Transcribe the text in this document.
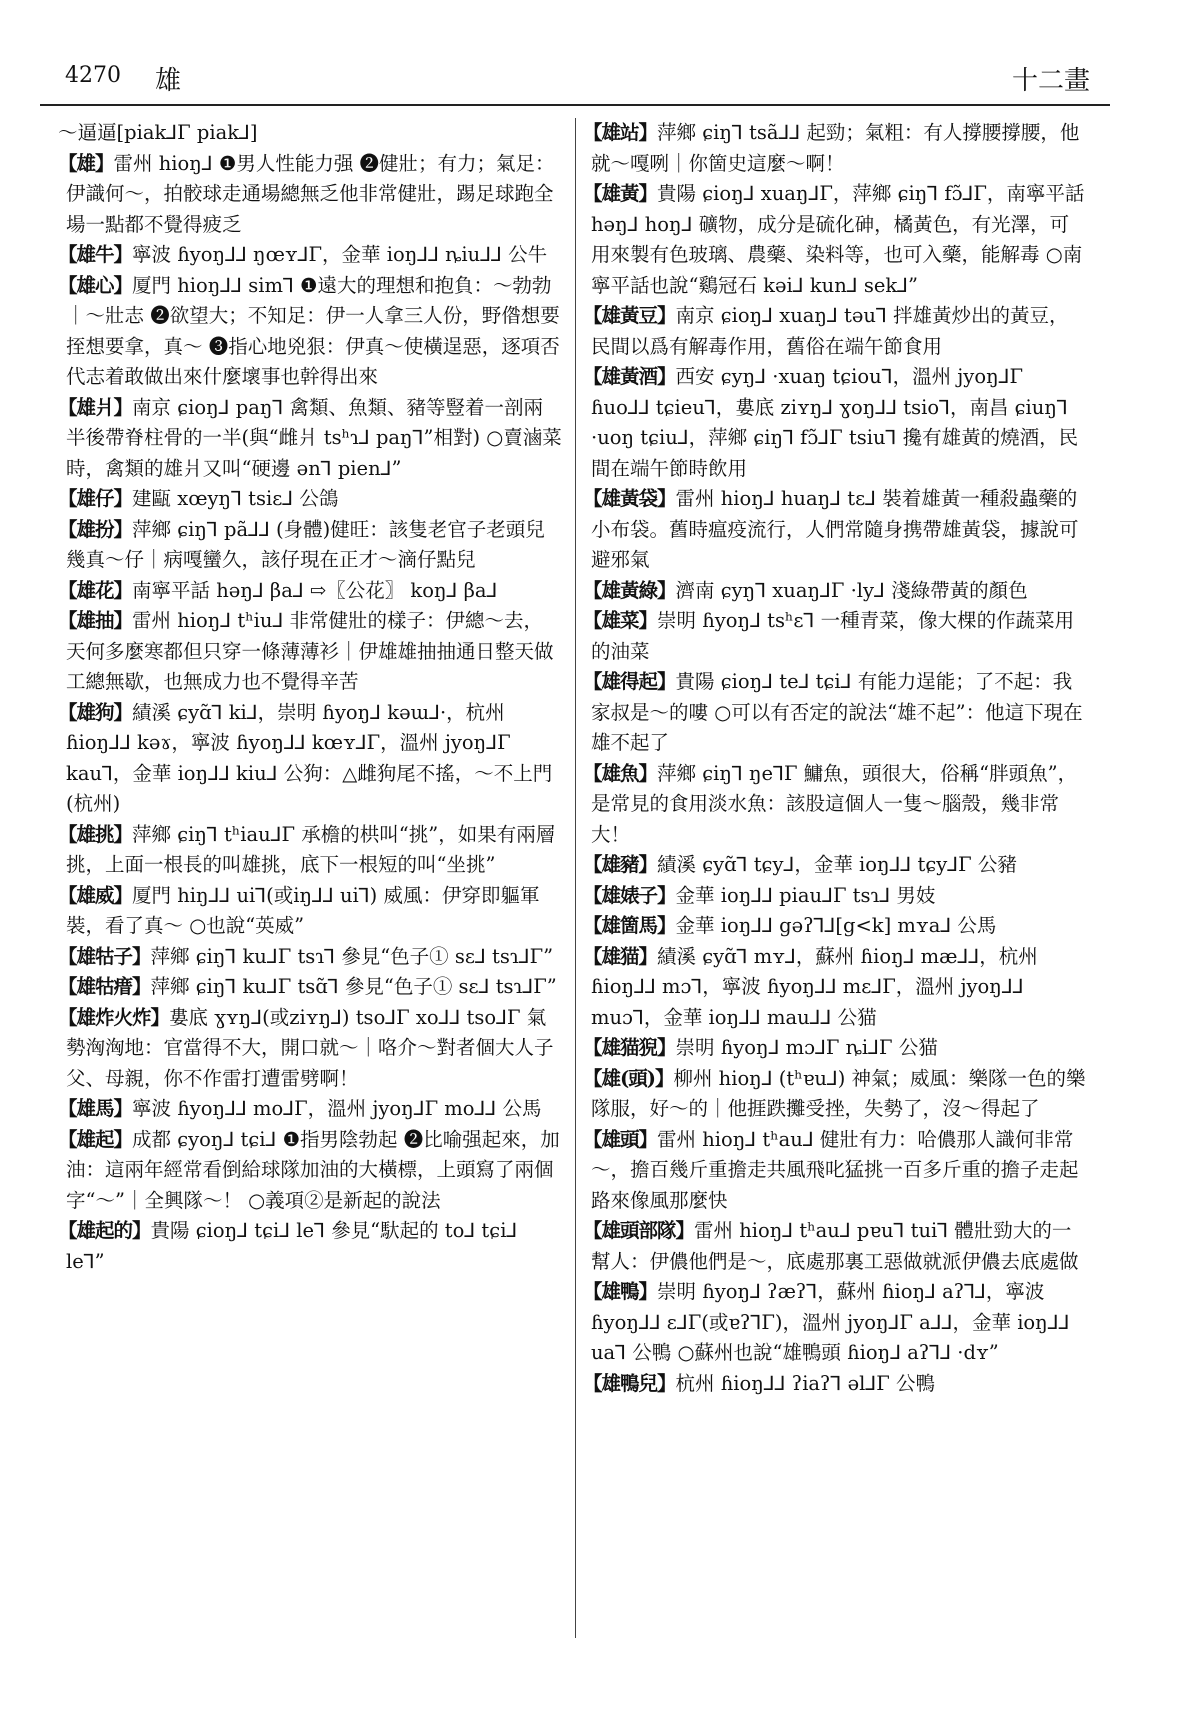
4270 雄	十二畫

～逼逼[piak⅃Γ piak⅃]

【雄】雷州 hioŋ⅃ ❶男人性能力强 ❷健壯；有力；氣足：伊識何～，拍骹球走通場總無乏他非常健壯，踢足球跑全場一點都不覺得疲乏

【雄牛】寧波 ɦyoŋ⅃⅃ ŋœʏ⅃Γ，金華 ioŋ⅃⅃ ȵiu⅃⅃ 公牛

【雄心】厦門 hioŋ⅃⅃ sim⅂ ❶遠大的理想和抱負：～勃勃｜～壯志 ❷欲望大；不知足：伊一人拿三人份，野偺想要挃想要拿，真～ ❸指心地兇狠：伊真～使橫逞惡，逐項否代志着敢做出來什麼壞事也幹得出來

【雄爿】南京 ɕioŋ⅃ paŋ⅂ 禽類、魚類、豬等豎着一剖兩半後帶脊柱骨的一半(與“雌爿 tsʰɿ⅃ paŋ⅂”相對) ○賣滷菜時，禽類的雄爿又叫“硬邊 ən⅂ pien⅃”

【雄仔】建甌 xœyŋ⅂ tsiɛ⅃ 公鴿

【雄扮】萍鄉 ɕiŋ⅂ pã⅃⅃ (身體)健旺：該隻老官子老頭兒幾真～仔｜病嘎蠻久，該仔現在正才～滴仔點兒

【雄花】南寧平話 həŋ⅃ βa⅃ ⇨〖公花〗 koŋ⅃ βa⅃

【雄抽】雷州 hioŋ⅃ tʰiu⅃ 非常健壯的樣子：伊總～去，天何多麼寒都但只穿一條薄薄衫｜伊雄雄抽抽通日整天做工總無歇，也無成力也不覺得辛苦

【雄狗】績溪 ɕyɑ̃⅂ ki⅃，崇明 ɦyoŋ⅃ kəɯ⅃·，杭州 ɦioŋ⅃⅃ kəɤ，寧波 ɦyoŋ⅃⅃ kœʏ⅃Γ，溫州 jyoŋ⅃Γ kau⅂，金華 ioŋ⅃⅃ kiu⅃ 公狗：△雌狗尾不搖，～不上門(杭州)

【雄挑】萍鄉 ɕiŋ⅂ tʰiau⅃Γ 承檐的栱叫“挑”，如果有兩層挑，上面一根長的叫雄挑，底下一根短的叫“坐挑”

【雄威】厦門 hiŋ⅃⅃ ui⅂(或iŋ⅃⅃ ui⅂) 威風：伊穿即軀軍裝，看了真～ ○也說“英威”

【雄牯子】萍鄉 ɕiŋ⅂ ku⅃Γ tsɿ⅂ 參見“色子① sɛ⅃ tsɿ⅃Γ”

【雄牯瘄】萍鄉 ɕiŋ⅂ ku⅃Γ tsɑ̃⅂ 參見“色子① sɛ⅃ tsɿ⅃Γ”

【雄炸火炸】婁底 ɣʏŋ⅃(或ziʏŋ⅃) tso⅃Γ xo⅃⅃ tso⅃Γ 氣勢洶洶地：官當得不大，開口就～｜咯介～對者個大人子父、母親，你不作雷打遭雷劈啊！

【雄馬】寧波 ɦyoŋ⅃⅃ mo⅃Γ，溫州 jyoŋ⅃Γ mo⅃⅃ 公馬

【雄起】成都 ɕyoŋ⅃ tɕi⅃ ❶指男陰勃起 ❷比喻强起來，加油：這兩年經常看倒給球隊加油的大橫標，上頭寫了兩個字“～”｜全興隊～！ ○義項②是新起的說法

【雄起的】貴陽 ɕioŋ⅃ tɕi⅃ le⅂ 參見“馱起的 to⅃ tɕi⅃ le⅂”

【雄站】萍鄉 ɕiŋ⅂ tsã⅃⅃ 起勁；氣粗：有人撐腰撐腰，他就～嘎咧｜你箇史這麼～啊！

【雄黃】貴陽 ɕioŋ⅃ xuaŋ⅃Γ，萍鄉 ɕiŋ⅂ fɔ̃⅃Γ，南寧平話 həŋ⅃ hoŋ⅃ 礦物，成分是硫化砷，橘黃色，有光澤，可用來製有色玻璃、農藥、染料等，也可入藥，能解毒 ○南寧平話也說“鷄冠石 kəi⅃ kun⅃ sek⅃”

【雄黃豆】南京 ɕioŋ⅃ xuaŋ⅃ təu⅂ 拌雄黃炒出的黃豆，民間以爲有解毒作用，舊俗在端午節食用

【雄黃酒】西安 ɕyŋ⅃ ·xuaŋ tɕiou⅂，溫州 jyoŋ⅃Γ ɦuo⅃⅃ tɕieu⅂，婁底 ziʏŋ⅃ ɣoŋ⅃⅃ tsio⅂，南昌 ɕiuŋ⅂ ·uoŋ tɕiu⅃，萍鄉 ɕiŋ⅂ fɔ̃⅃Γ tsiu⅂ 攙有雄黃的燒酒，民間在端午節時飲用

【雄黃袋】雷州 hioŋ⅃ huaŋ⅃ tɛ⅃ 裝着雄黃一種殺蟲藥的小布袋。舊時瘟疫流行，人們常隨身携帶雄黃袋，據說可避邪氣

【雄黃綠】濟南 ɕyŋ⅂ xuaŋ⅃Γ ·ly⅃ 淺綠帶黃的顏色

【雄菜】崇明 ɦyoŋ⅃ tsʰɛ⅂ 一種青菜，像大棵的作蔬菜用的油菜

【雄得起】貴陽 ɕioŋ⅃ te⅃ tɕi⅃ 有能力逞能；了不起：我家叔是～的嘍 ○可以有否定的說法“雄不起”：他這下現在雄不起了

【雄魚】萍鄉 ɕiŋ⅂ ŋe⅂Γ 鱅魚，頭很大，俗稱“胖頭魚”，是常見的食用淡水魚：該股這個人一隻～腦殼，幾非常大！

【雄豬】績溪 ɕyɑ̃⅂ tɕy⅃，金華 ioŋ⅃⅃ tɕy⅃Γ 公豬

【雄婊子】金華 ioŋ⅃⅃ piau⅃Γ tsɿ⅃ 男妓

【雄箇馬】金華 ioŋ⅃⅃ gəʔ⅂⅃[g<k] mʏa⅃ 公馬

【雄猫】績溪 ɕyɑ̃⅂ mʏ⅃，蘇州 ɦioŋ⅃ mæ⅃⅃，杭州 ɦioŋ⅃⅃ mɔ⅂，寧波 ɦyoŋ⅃⅃ mɛ⅃Γ，溫州 jyoŋ⅃⅃ muɔ⅂，金華 ioŋ⅃⅃ mau⅃⅃ 公猫

【雄猫猊】崇明 ɦyoŋ⅃ mɔ⅃Γ ȵi⅃Γ 公猫

【雄(頭)】柳州 hioŋ⅃ (tʰɐu⅃) 神氣；威風：樂隊一色的樂隊服，好～的｜他捱跌攤受挫，失勢了，沒～得起了

【雄頭】雷州 hioŋ⅃ tʰau⅃ 健壯有力：哈儂那人識何非常～，擔百幾斤重擔走共風飛叱猛挑一百多斤重的擔子走起路來像風那麼快

【雄頭部隊】雷州 hioŋ⅃ tʰau⅃ pɐu⅂ tui⅂ 體壯勁大的一幫人：伊儂他們是～，底處那裏工惡做就派伊儂去底處做

【雄鴨】崇明 ɦyoŋ⅃ ʔæʔ⅂，蘇州 ɦioŋ⅃ aʔ⅂⅃，寧波 ɦyoŋ⅃⅃ ɛ⅃Γ(或ɐʔ⅂Γ)，溫州 jyoŋ⅃Γ a⅃⅃，金華 ioŋ⅃⅃ ua⅂ 公鴨 ○蘇州也說“雄鴨頭 ɦioŋ⅃ aʔ⅂⅃ ·dʏ”

【雄鴨兒】杭州 ɦioŋ⅃⅃ ʔiaʔ⅂ əl⅃Γ 公鴨
